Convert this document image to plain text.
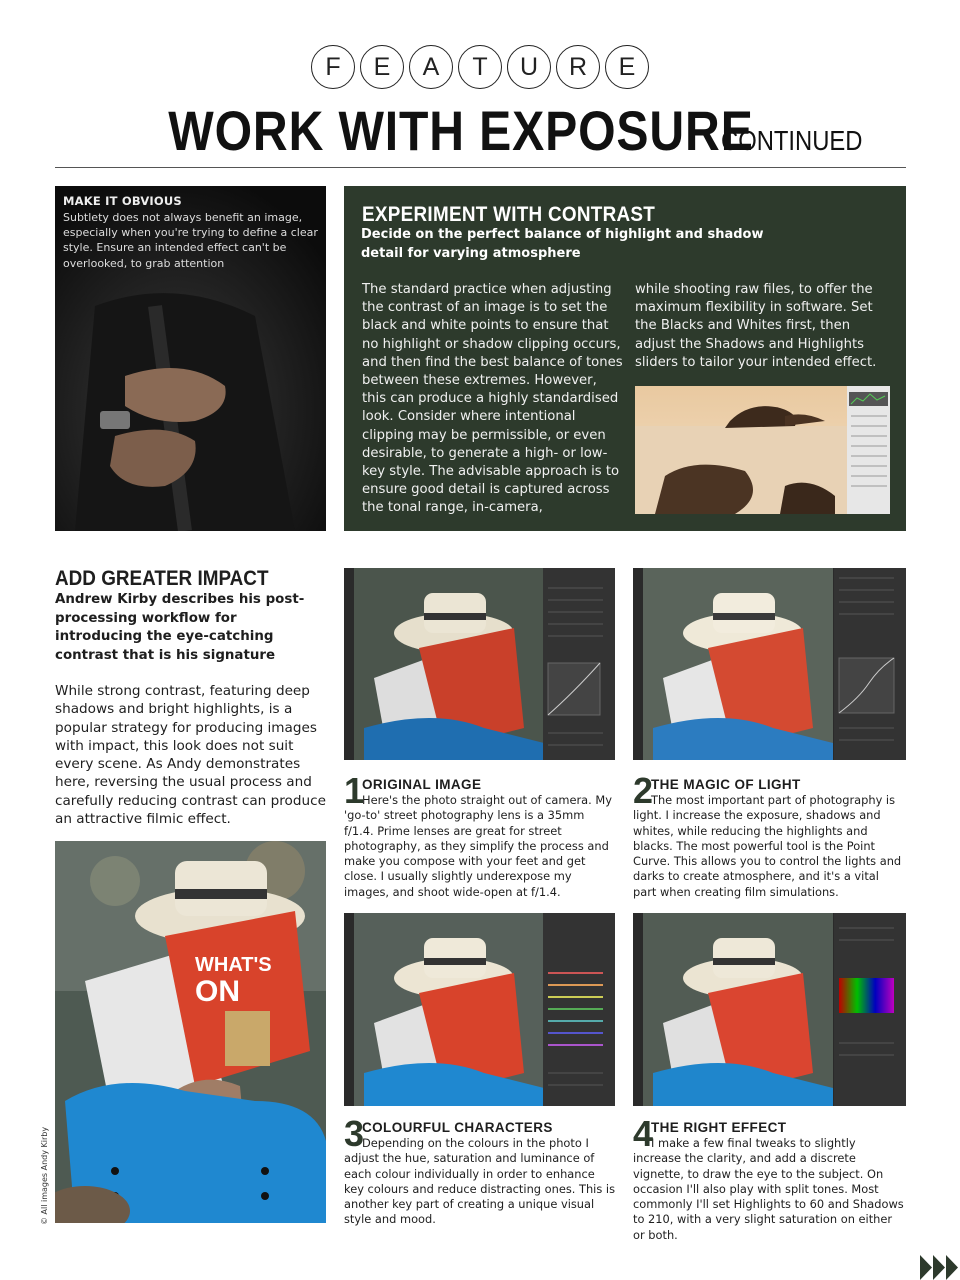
F	E	A	T	U	R	E
WORK WITH EXPOSURE CONTINUED
MAKE IT OBVIOUS

Subtlety does not always benefit an image, especially when you're trying to define a clear style. Ensure an intended effect can't be overlooked, to grab attention

EXPERIMENT WITH CONTRAST
Decide on the perfect balance of highlight and shadow detail for varying atmosphere
The standard practice when adjusting the contrast of an image is to set the black and white points to ensure that no highlight or shadow clipping occurs, and then find the best balance of tones between these extremes. However, this can produce a highly standardised look. Consider where intentional clipping may be permissible, or even desirable, to generate a high- or low-key style. The advisable approach is to ensure good detail is captured across the tonal range, in-camera,
while shooting raw files, to offer the maximum flexibility in software. Set the Blacks and Whites first, then adjust the Shadows and Highlights sliders to tailor your intended effect.
ADD GREATER IMPACT
Andrew Kirby describes his post-processing workflow for introducing the eye-catching contrast that is his signature
While strong contrast, featuring deep shadows and bright highlights, is a popular strategy for producing images with impact, this look does not suit every scene. As Andy demonstrates here, reversing the usual process and carefully reducing contrast can produce an attractive filmic effect.
WHAT'S
ON
© All images Andy Kirby
1
ORIGINAL IMAGE

Here's the photo straight out of camera. My 'go-to' street photography lens is a 35mm f/1.4. Prime lenses are great for street photography, as they simplify the process and make you compose with your feet and get close. I usually slightly underexpose my images, and shoot wide-open at f/1.4.

2
THE MAGIC OF LIGHT

The most important part of photography is light. I increase the exposure, shadows and whites, while reducing the highlights and blacks. The most powerful tool is the Point Curve. This allows you to control the lights and darks to create atmosphere, and it's a vital part when creating film simulations.

3
COLOURFUL CHARACTERS

Depending on the colours in the photo I adjust the hue, saturation and luminance of each colour individually in order to enhance key colours and reduce distracting ones. This is another key part of creating a unique visual style and mood.

4
THE RIGHT EFFECT

I make a few final tweaks to slightly increase the clarity, and add a discrete vignette, to draw the eye to the subject. On occasion I'll also play with split tones. Most commonly I'll set Highlights to 60 and Shadows to 210, with a very slight saturation on either or both.
